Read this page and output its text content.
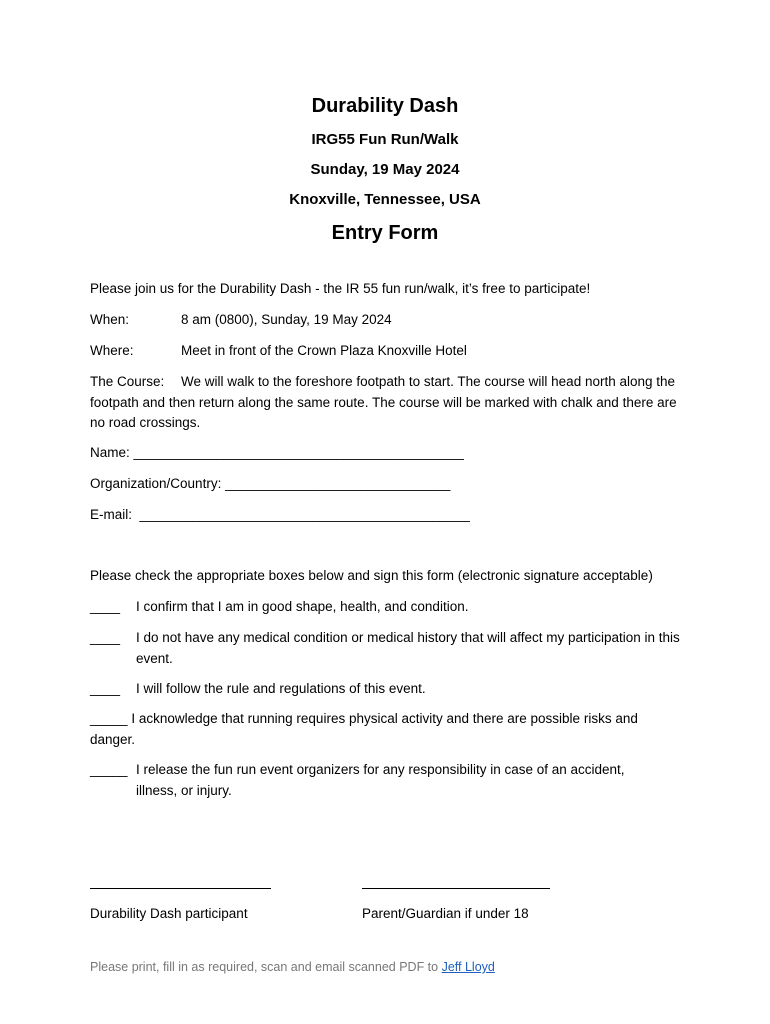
Durability Dash
IRG55 Fun Run/Walk
Sunday, 19 May 2024
Knoxville, Tennessee, USA
Entry Form
Please join us for the Durability Dash - the IR 55 fun run/walk, it’s free to participate!
When:	8 am (0800), Sunday, 19 May 2024
Where:	Meet in front of the Crown Plaza Knoxville Hotel
The Course: We will walk to the foreshore footpath to start. The course will head north along the footpath and then return along the same route. The course will be marked with chalk and there are no road crossings.
Name: ____________________________________________
Organization/Country: ______________________________
E-mail: ____________________________________________
Please check the appropriate boxes below and sign this form (electronic signature acceptable)
____ I confirm that I am in good shape, health, and condition.
____ I do not have any medical condition or medical history that will affect my participation in this event.
____ I will follow the rule and regulations of this event.
_____ I acknowledge that running requires physical activity and there are possible risks and danger.
_____ I release the fun run event organizers for any responsibility in case of an accident, illness, or injury.
Durability Dash participant	Parent/Guardian if under 18
Please print, fill in as required, scan and email scanned PDF to Jeff Lloyd
